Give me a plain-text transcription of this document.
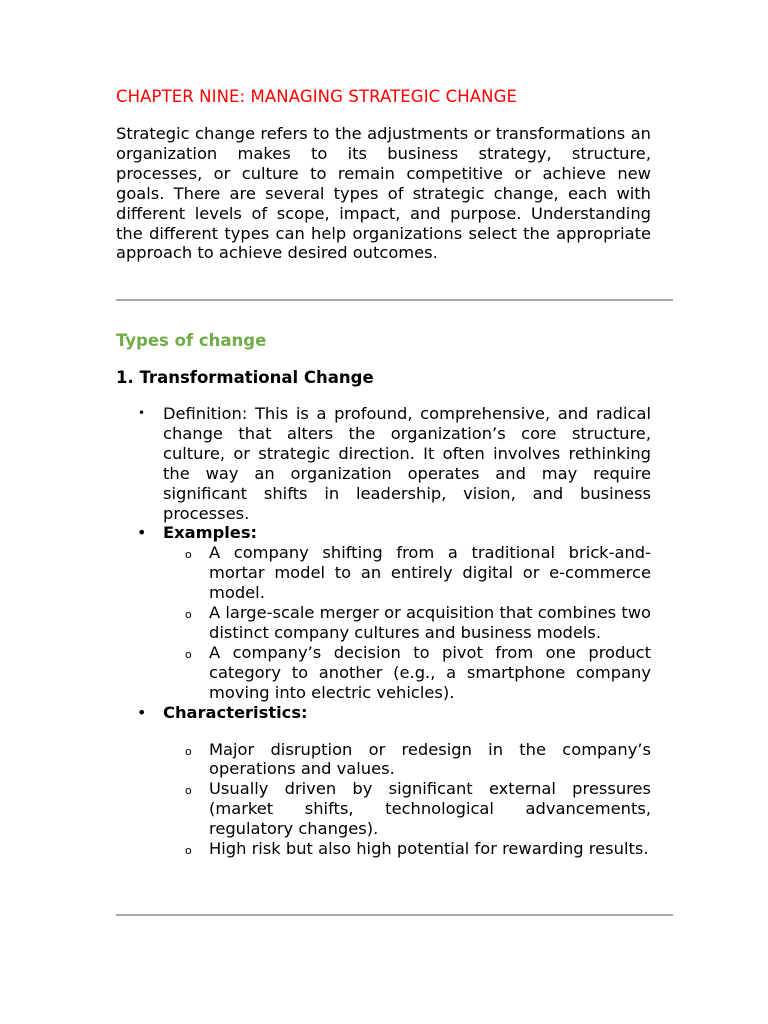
CHAPTER NINE: MANAGING STRATEGIC CHANGE

Strategic change refers to the adjustments or transformations an organization makes to its business strategy, structure, processes, or culture to remain competitive or achieve new goals. There are several types of strategic change, each with different levels of scope, impact, and purpose. Understanding the different types can help organizations select the appropriate approach to achieve desired outcomes.

Types of change
1. Transformational Change
• Definition: This is a profound, comprehensive, and radical change that alters the organization’s core structure, culture, or strategic direction. It often involves rethinking the way an organization operates and may require significant shifts in leadership, vision, and business processes.
• Examples:
o A company shifting from a traditional brick-and-mortar model to an entirely digital or e-commerce model.
o A large-scale merger or acquisition that combines two distinct company cultures and business models.
o A company’s decision to pivot from one product category to another (e.g., a smartphone company moving into electric vehicles).
• Characteristics:
o Major disruption or redesign in the company’s operations and values.
o Usually driven by significant external pressures (market shifts, technological advancements, regulatory changes).
o High risk but also high potential for rewarding results.
